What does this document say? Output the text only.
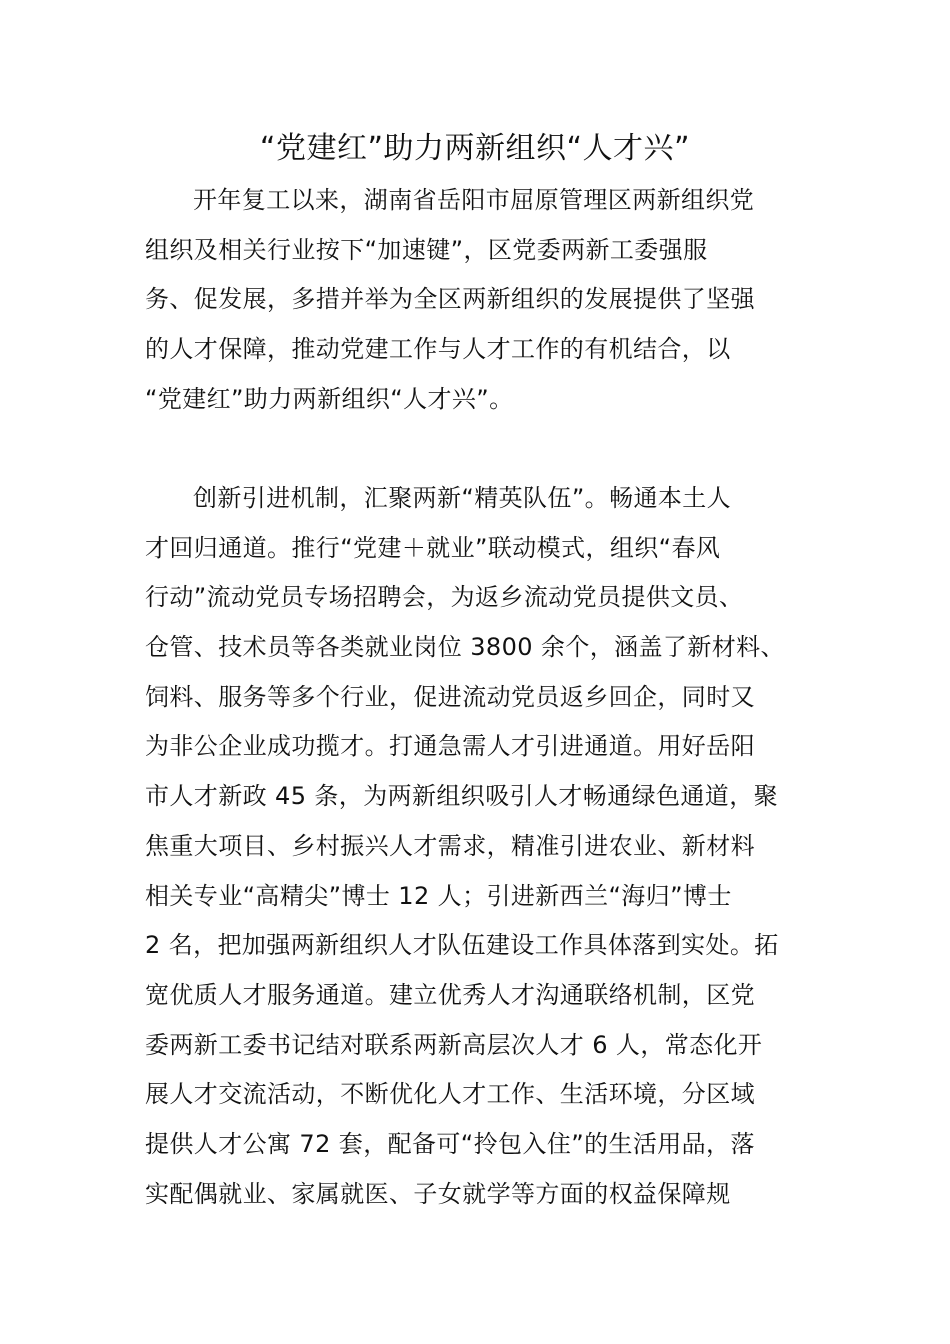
“党建红”助力两新组织“人才兴”
开年复工以来，湖南省岳阳市屈原管理区两新组织党
组织及相关行业按下“加速键”，区党委两新工委强服
务、促发展，多措并举为全区两新组织的发展提供了坚强
的人才保障，推动党建工作与人才工作的有机结合，以
“党建红”助力两新组织“人才兴”。
创新引进机制，汇聚两新“精英队伍”。畅通本土人
才回归通道。推行“党建＋就业”联动模式，组织“春风
行动”流动党员专场招聘会，为返乡流动党员提供文员、
仓管、技术员等各类就业岗位 3800 余个，涵盖了新材料、
饲料、服务等多个行业，促进流动党员返乡回企，同时又
为非公企业成功揽才。打通急需人才引进通道。用好岳阳
市人才新政 45 条，为两新组织吸引人才畅通绿色通道，聚
焦重大项目、乡村振兴人才需求，精准引进农业、新材料
相关专业“高精尖”博士 12 人；引进新西兰“海归”博士
2 名，把加强两新组织人才队伍建设工作具体落到实处。拓
宽优质人才服务通道。建立优秀人才沟通联络机制，区党
委两新工委书记结对联系两新高层次人才 6 人，常态化开
展人才交流活动，不断优化人才工作、生活环境，分区域
提供人才公寓 72 套，配备可“拎包入住”的生活用品，落
实配偶就业、家属就医、子女就学等方面的权益保障规
